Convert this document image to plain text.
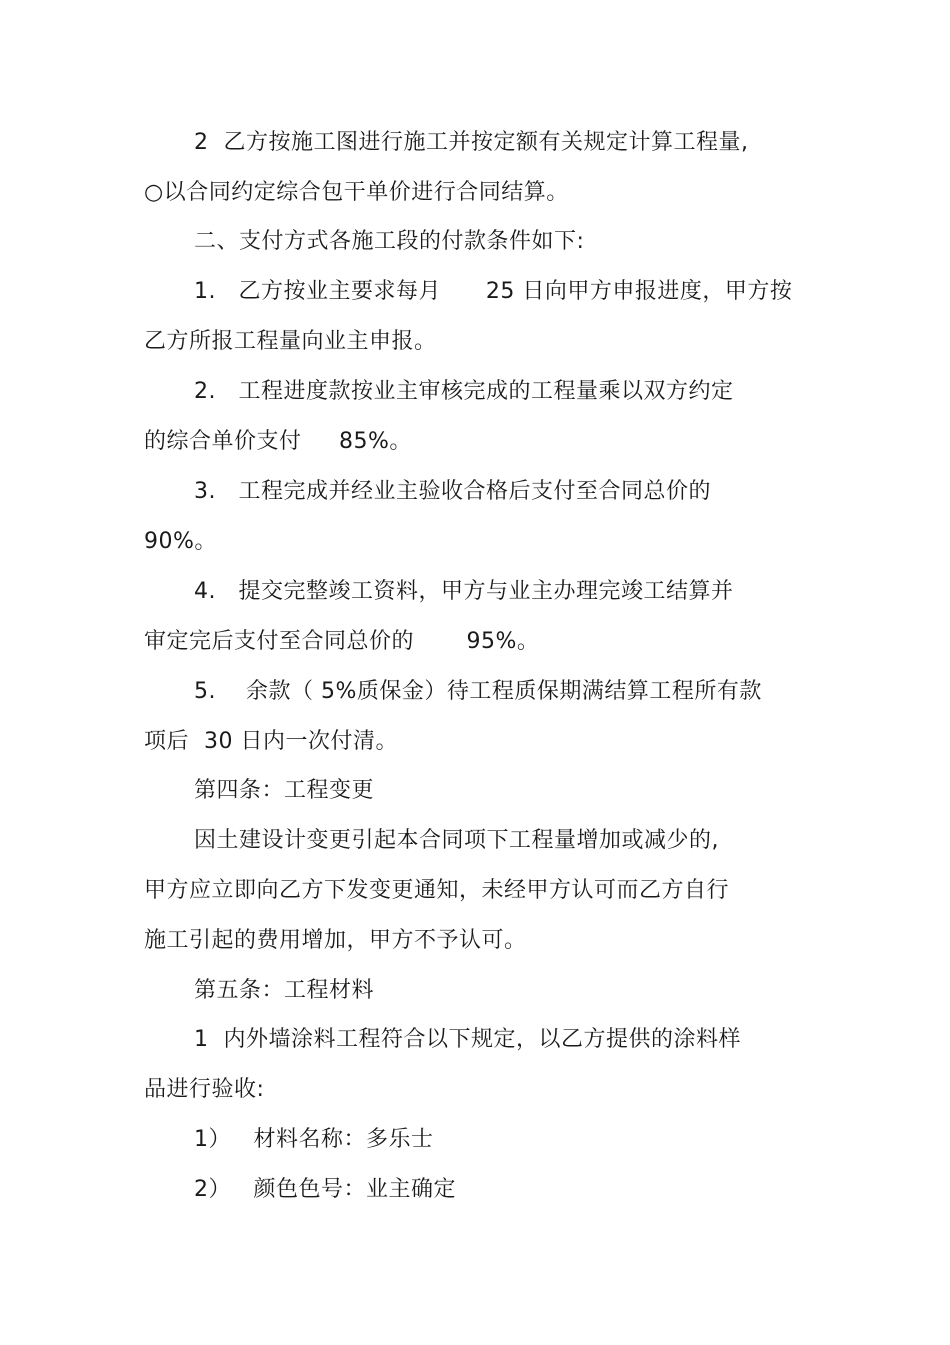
2  乙方按施工图进行施工并按定额有关规定计算工程量,
○以合同约定综合包干单价进行合同结算。
二、支付方式各施工段的付款条件如下:
1.   乙方按业主要求每月      25 日向甲方申报进度，甲方按
乙方所报工程量向业主申报。
2.   工程进度款按业主审核完成的工程量乘以双方约定
的综合单价支付     85%。
3.   工程完成并经业主验收合格后支付至合同总价的
90%。
4.   提交完整竣工资料，甲方与业主办理完竣工结算并
审定完后支付至合同总价的       95%。
5.    余款（ 5%质保金）待工程质保期满结算工程所有款
项后  30 日内一次付清。
第四条：工程变更
因土建设计变更引起本合同项下工程量增加或减少的,
甲方应立即向乙方下发变更通知，未经甲方认可而乙方自行
施工引起的费用增加，甲方不予认可。
第五条：工程材料
1  内外墙涂料工程符合以下规定，以乙方提供的涂料样
品进行验收:
1）   材料名称：多乐士
2）   颜色色号：业主确定
